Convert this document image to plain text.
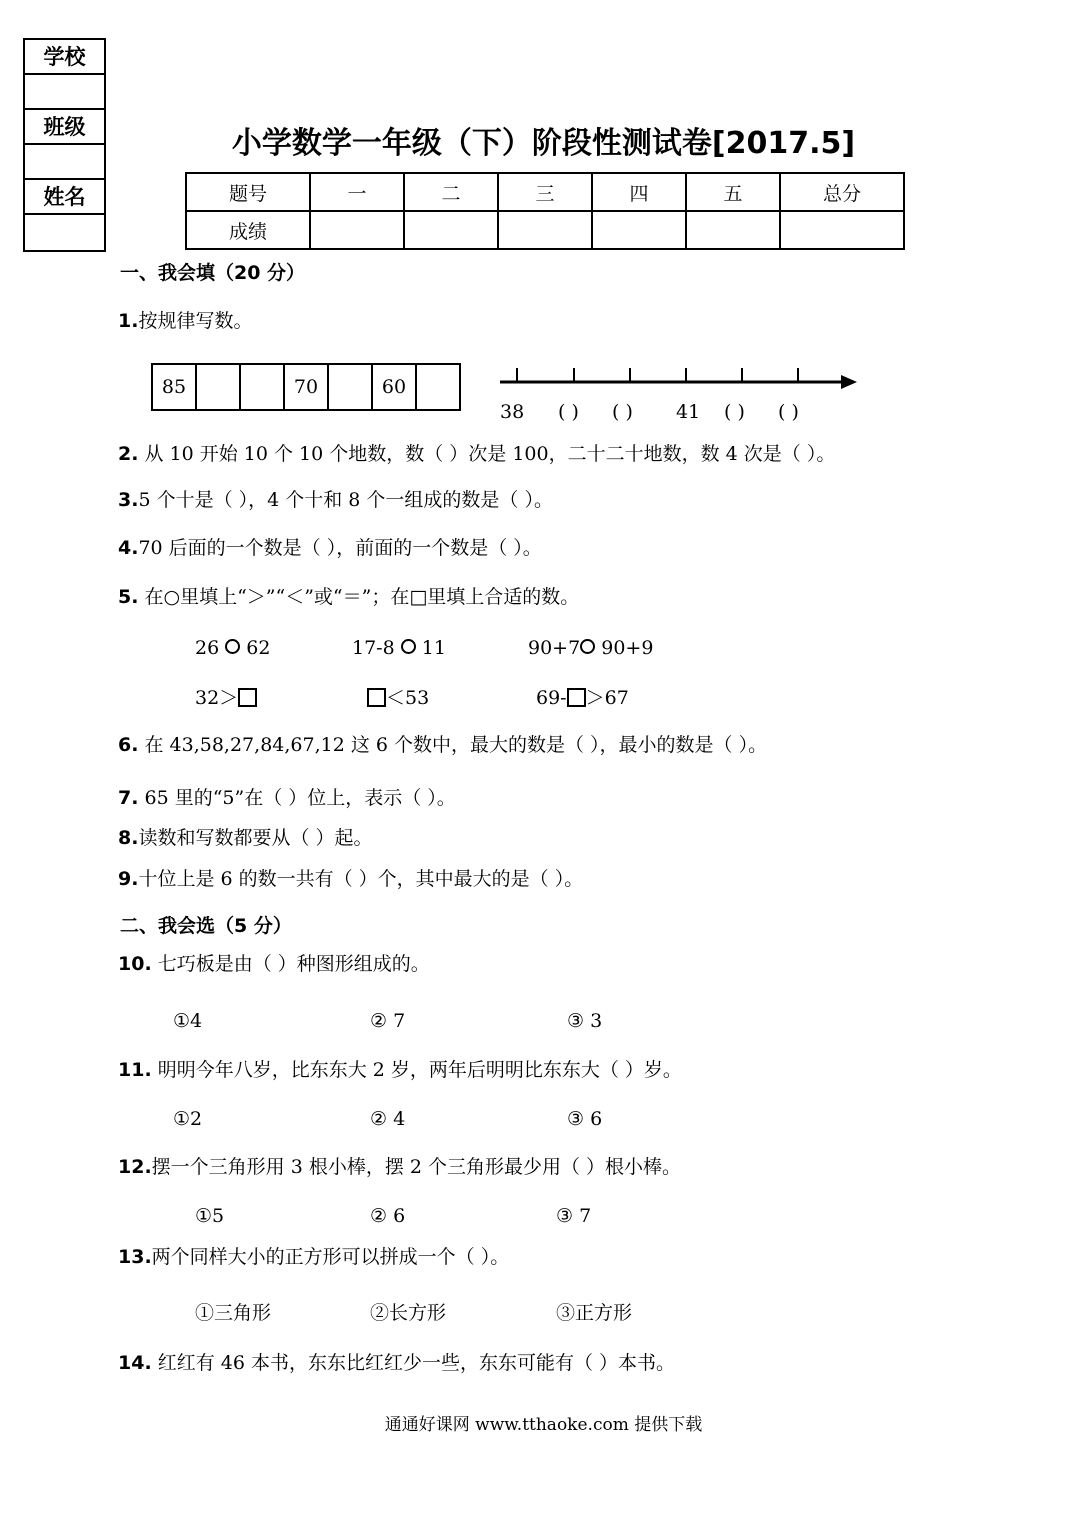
学校
班级
姓名
小学数学一年级（下）阶段性测试卷[2017.5]
题号	一	二	三	四	五	总分
成绩						
一、我会填（20 分）
1.按规律写数。
85			70		60	
38 ( ) ( ) 41 ( ) ( )
2. 从 10 开始 10 个 10 个地数，数（ ）次是 100，二十二十地数，数 4 次是（ ）。
3.5 个十是（ ），4 个十和 8 个一组成的数是（ ）。
4.70 后面的一个数是（ ），前面的一个数是（ ）。
5. 在○里填上“＞”“＜”或“＝”；在□里填上合适的数。
26 62	17-8 11	90+7 90+9
32＞	＜53	69- ＞67
6. 在 43,58,27,84,67,12 这 6 个数中，最大的数是（ ），最小的数是（ ）。
7. 65 里的“5”在（ ）位上，表示（ ）。
8.读数和写数都要从（ ）起。
9.十位上是 6 的数一共有（ ）个，其中最大的是（ ）。
二、我会选（5 分）
10. 七巧板是由（ ）种图形组成的。
①4	② 7	③ 3
11. 明明今年八岁，比东东大 2 岁，两年后明明比东东大（ ）岁。
①2	② 4	③ 6
12.摆一个三角形用 3 根小棒，摆 2 个三角形最少用（ ）根小棒。
①5	② 6	③ 7
13.两个同样大小的正方形可以拼成一个（ ）。
①三角形	②长方形	③正方形
14. 红红有 46 本书，东东比红红少一些，东东可能有（ ）本书。
通通好课网 www.tthaoke.com 提供下载
